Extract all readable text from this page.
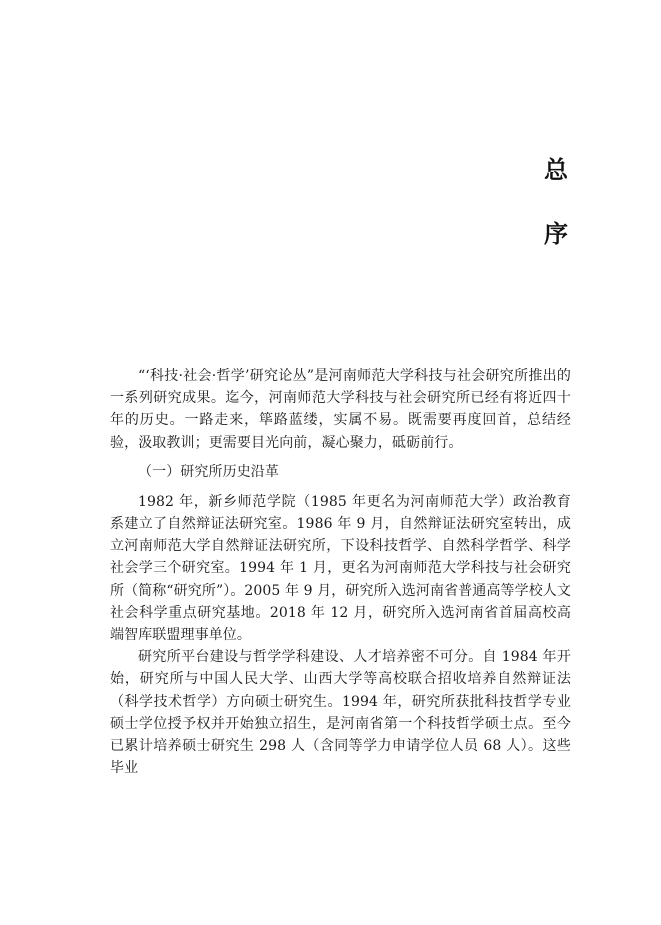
总
序

“‘科技·社会·哲学’研究论丛”是河南师范大学科技与社会研究所推出的一系列研究成果。迄今，河南师范大学科技与社会研究所已经有将近四十年的历史。一路走来，筚路蓝缕，实属不易。既需要再度回首，总结经验，汲取教训；更需要目光向前，凝心聚力，砥砺前行。

（一）研究所历史沿革

1982 年，新乡师范学院（1985 年更名为河南师范大学）政治教育系建立了自然辩证法研究室。1986 年 9 月，自然辩证法研究室转出，成立河南师范大学自然辩证法研究所，下设科技哲学、自然科学哲学、科学社会学三个研究室。1994 年 1 月，更名为河南师范大学科技与社会研究所（简称“研究所”）。2005 年 9 月，研究所入选河南省普通高等学校人文社会科学重点研究基地。2018 年 12 月，研究所入选河南省首届高校高端智库联盟理事单位。

研究所平台建设与哲学学科建设、人才培养密不可分。自 1984 年开始，研究所与中国人民大学、山西大学等高校联合招收培养自然辩证法（科学技术哲学）方向硕士研究生。1994 年，研究所获批科技哲学专业硕士学位授予权并开始独立招生，是河南省第一个科技哲学硕士点。至今已累计培养硕士研究生 298 人（含同等学力申请学位人员 68 人）。这些毕业
